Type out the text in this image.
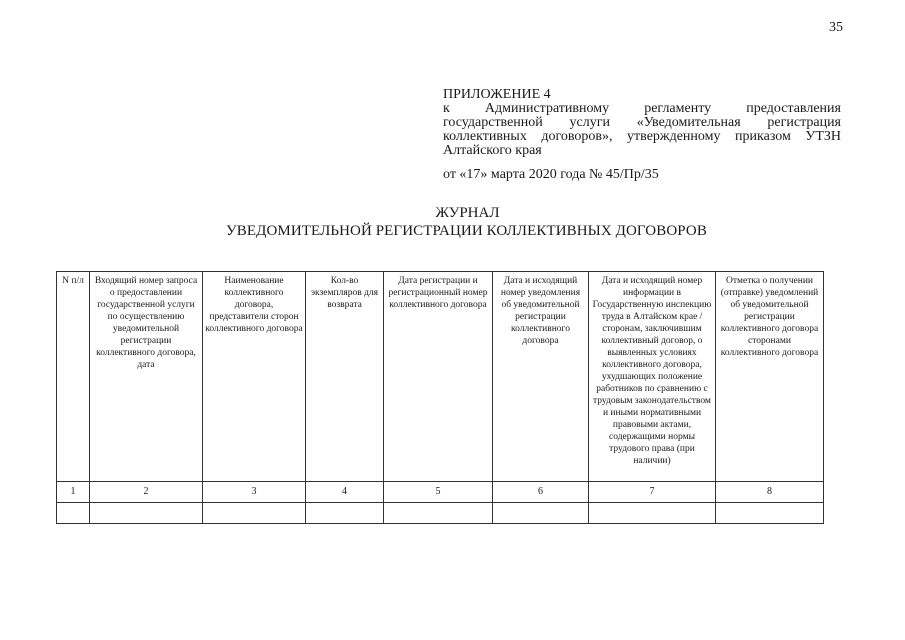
35
ПРИЛОЖЕНИЕ 4
к Административному регламенту предоставления государственной услуги «Уведомительная регистрация коллективных договоров», утвержденному приказом УТЗН Алтайского края
от «17» марта 2020 года № 45/Пр/35
ЖУРНАЛ
УВЕДОМИТЕЛЬНОЙ РЕГИСТРАЦИИ КОЛЛЕКТИВНЫХ ДОГОВОРОВ
N п/л	Входящий номер запроса о предоставлении государственной услуги по осуществлению уведомительной регистрации коллективного договора, дата	Наименование коллективного договора, представители сторон коллективного договора	Кол-во экземпляров для возврата	Дата регистрации и регистрационный номер коллективного договора	Дата и исходящий номер уведомления об уведомительной регистрации коллективного договора	Дата и исходящий номер информации в Государственную инспекцию труда в Алтайском крае / сторонам, заключившим коллективный договор, о выявленных условиях коллективного договора, ухудшающих положение работников по сравнению с трудовым законодательством и иными нормативными правовыми актами, содержащими нормы трудового права (при наличии)	Отметка о получении (отправке) уведомлений об уведомительной регистрации коллективного договора сторонами коллективного договора
1	2	3	4	5	6	7	8
